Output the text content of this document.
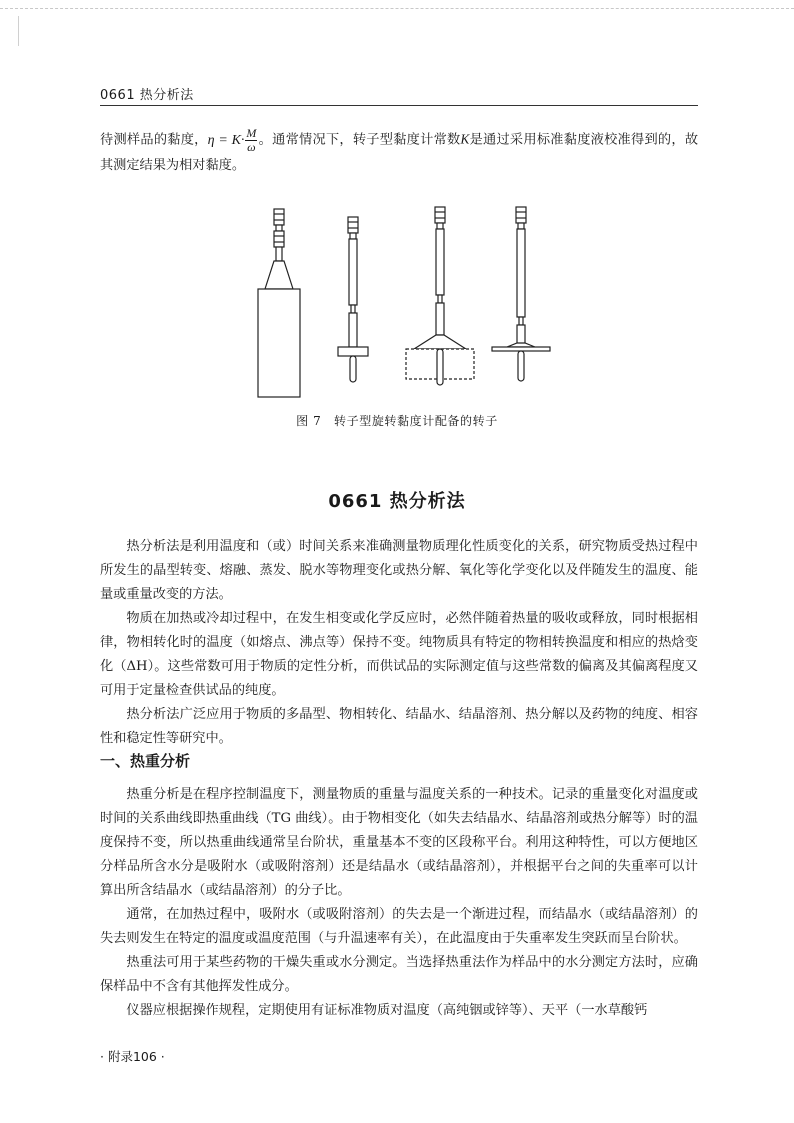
0661 热分析法

待测样品的黏度，$\eta = K\cdot \frac{M}{\omega}$ 。通常情况下，转子型黏度计常数K是通过采用标准黏度液校准得到的，故其测定结果为相对黏度。

图 7　转子型旋转黏度计配备的转子
0661 热分析法

热分析法是利用温度和（或）时间关系来准确测量物质理化性质变化的关系，研究物质受热过程中所发生的晶型转变、熔融、蒸发、脱水等物理变化或热分解、氧化等化学变化以及伴随发生的温度、能量或重量改变的方法。

物质在加热或冷却过程中，在发生相变或化学反应时，必然伴随着热量的吸收或释放，同时根据相律，物相转化时的温度（如熔点、沸点等）保持不变。纯物质具有特定的物相转换温度和相应的热焓变化（ΔH）。这些常数可用于物质的定性分析，而供试品的实际测定值与这些常数的偏离及其偏离程度又可用于定量检查供试品的纯度。

热分析法广泛应用于物质的多晶型、物相转化、结晶水、结晶溶剂、热分解以及药物的纯度、相容性和稳定性等研究中。

一、热重分析

热重分析是在程序控制温度下，测量物质的重量与温度关系的一种技术。记录的重量变化对温度或时间的关系曲线即热重曲线（TG 曲线）。由于物相变化（如失去结晶水、结晶溶剂或热分解等）时的温度保持不变，所以热重曲线通常呈台阶状，重量基本不变的区段称平台。利用这种特性，可以方便地区分样品所含水分是吸附水（或吸附溶剂）还是结晶水（或结晶溶剂），并根据平台之间的失重率可以计算出所含结晶水（或结晶溶剂）的分子比。

通常，在加热过程中，吸附水（或吸附溶剂）的失去是一个渐进过程，而结晶水（或结晶溶剂）的失去则发生在特定的温度或温度范围（与升温速率有关），在此温度由于失重率发生突跃而呈台阶状。

热重法可用于某些药物的干燥失重或水分测定。当选择热重法作为样品中的水分测定方法时，应确保样品中不含有其他挥发性成分。

仪器应根据操作规程，定期使用有证标准物质对温度（高纯铟或锌等）、天平（一水草酸钙

· 附录106 ·
